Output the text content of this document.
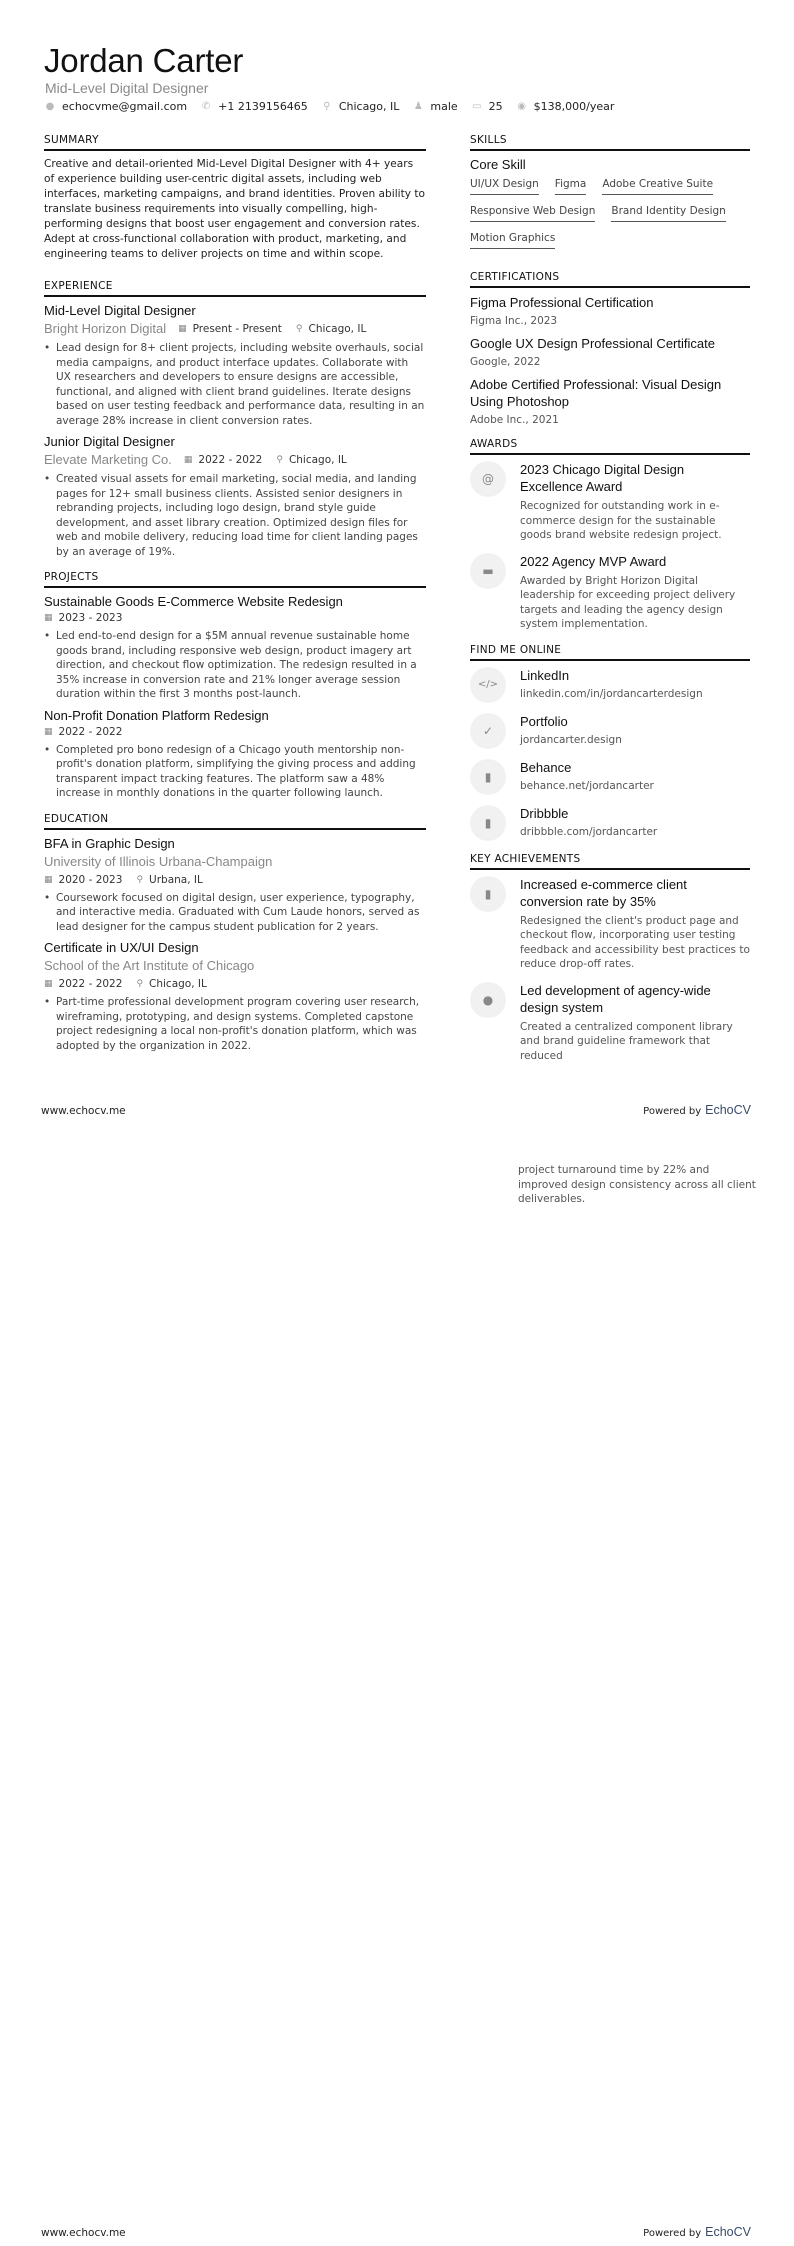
Jordan Carter
Mid-Level Digital Designer
● echocvme@gmail.com ✆ +1 2139156465 ⚲ Chicago, IL ♟ male ▭ 25 ◉ $138,000/year
SUMMARY
Creative and detail-oriented Mid-Level Digital Designer with 4+ years of experience building user-centric digital assets, including web interfaces, marketing campaigns, and brand identities. Proven ability to translate business requirements into visually compelling, high-performing designs that boost user engagement and conversion rates. Adept at cross-functional collaboration with product, marketing, and engineering teams to deliver projects on time and within scope.
EXPERIENCE
Mid-Level Digital Designer
Bright Horizon Digital ▦ Present - Present ⚲ Chicago, IL
• Lead design for 8+ client projects, including website overhauls, social media campaigns, and product interface updates. Collaborate with UX researchers and developers to ensure designs are accessible, functional, and aligned with client brand guidelines. Iterate designs based on user testing feedback and performance data, resulting in an average 28% increase in client conversion rates.
Junior Digital Designer
Elevate Marketing Co. ▦ 2022 - 2022 ⚲ Chicago, IL
• Created visual assets for email marketing, social media, and landing pages for 12+ small business clients. Assisted senior designers in rebranding projects, including logo design, brand style guide development, and asset library creation. Optimized design files for web and mobile delivery, reducing load time for client landing pages by an average of 19%.
PROJECTS
Sustainable Goods E-Commerce Website Redesign
▦ 2023 - 2023
• Led end-to-end design for a $5M annual revenue sustainable home goods brand, including responsive web design, product imagery art direction, and checkout flow optimization. The redesign resulted in a 35% increase in conversion rate and 21% longer average session duration within the first 3 months post-launch.
Non-Profit Donation Platform Redesign
▦ 2022 - 2022
• Completed pro bono redesign of a Chicago youth mentorship non-profit's donation platform, simplifying the giving process and adding transparent impact tracking features. The platform saw a 48% increase in monthly donations in the quarter following launch.
EDUCATION
BFA in Graphic Design
University of Illinois Urbana-Champaign
▦ 2020 - 2023 ⚲ Urbana, IL
• Coursework focused on digital design, user experience, typography, and interactive media. Graduated with Cum Laude honors, served as lead designer for the campus student publication for 2 years.
Certificate in UX/UI Design
School of the Art Institute of Chicago
▦ 2022 - 2022 ⚲ Chicago, IL
• Part-time professional development program covering user research, wireframing, prototyping, and design systems. Completed capstone project redesigning a local non-profit's donation platform, which was adopted by the organization in 2022.
SKILLS
Core Skill
UI/UX Design Figma Adobe Creative Suite
Responsive Web Design Brand Identity Design
Motion Graphics
CERTIFICATIONS
Figma Professional Certification
Figma Inc., 2023
Google UX Design Professional Certificate
Google, 2022
Adobe Certified Professional: Visual Design Using Photoshop
Adobe Inc., 2021
AWARDS
@
2023 Chicago Digital Design Excellence Award
Recognized for outstanding work in e-commerce design for the sustainable goods brand website redesign project.
▬
2022 Agency MVP Award
Awarded by Bright Horizon Digital leadership for exceeding project delivery targets and leading the agency design system implementation.
FIND ME ONLINE
</>
LinkedIn
linkedin.com/in/jordancarterdesign
✓
Portfolio
jordancarter.design
▮
Behance
behance.net/jordancarter
▮
Dribbble
dribbble.com/jordancarter
KEY ACHIEVEMENTS
▮
Increased e-commerce client conversion rate by 35%
Redesigned the client's product page and checkout flow, incorporating user testing feedback and accessibility best practices to reduce drop-off rates.
●
Led development of agency-wide design system
Created a centralized component library and brand guideline framework that reduced
www.echocv.me	Powered by EchoCV
project turnaround time by 22% and improved design consistency across all client deliverables.
www.echocv.me	Powered by EchoCV
